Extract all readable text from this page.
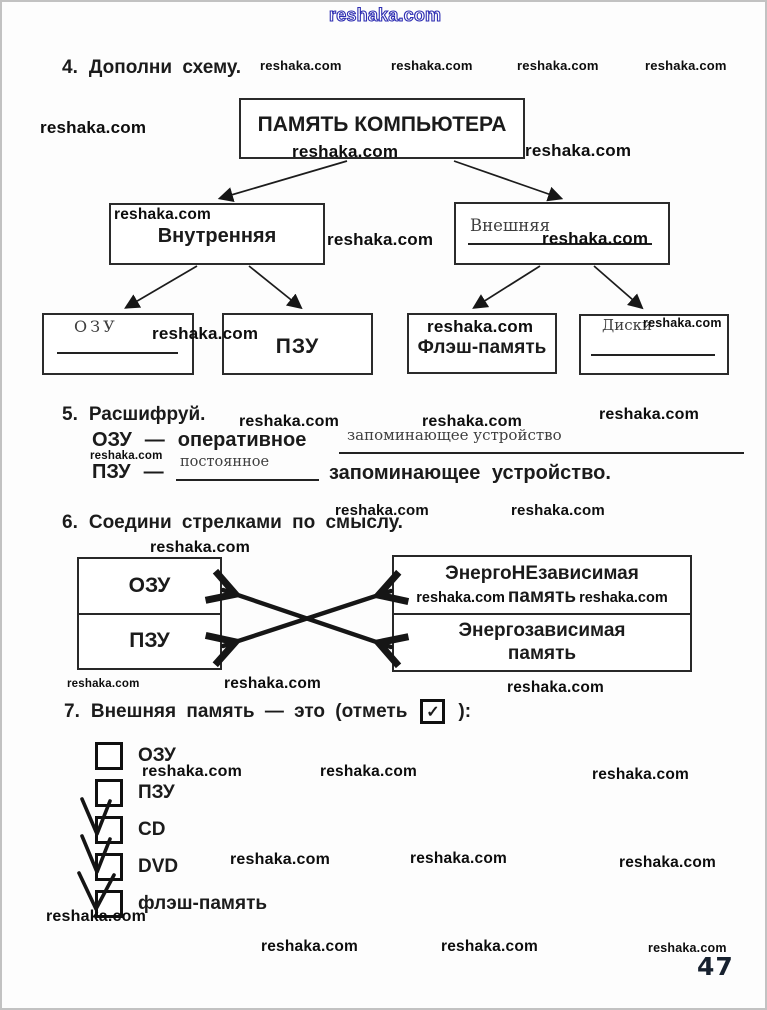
reshaka.com
reshaka.com	reshaka.com	reshaka.com	reshaka.com
reshaka.com
reshaka.com	reshaka.com
reshaka.com
reshaka.com	reshaka.com
reshaka.com	reshaka.com	reshaka.com
reshaka.com	reshaka.com	reshaka.com
reshaka.com
reshaka.com	reshaka.com
reshaka.com
reshaka.com	reshaka.com	reshaka.com
reshaka.com	reshaka.com	reshaka.com
reshaka.com	reshaka.com	reshaka.com
reshaka.com
reshaka.com	reshaka.com	reshaka.com
4. Дополни схему.
ПАМЯТЬ КОМПЬЮТЕРА
Внутренняя	Внешняя
ОЗУ
ПЗУ	Флэш-память
Диски
5. Расшифруй.
ОЗУ — оперативное	запоминающее устройство
ПЗУ — постоянное	запоминающее устройство.
6. Соедини стрелками по смыслу.
ОЗУ
ПЗУ
ЭнергоНЕзависимая
reshaka.com память reshaka.com
Энергозависимая
память
7. Внешняя память — это (отметь	✓ ):
ОЗУ
ПЗУ
CD
DVD
флэш-память
47
